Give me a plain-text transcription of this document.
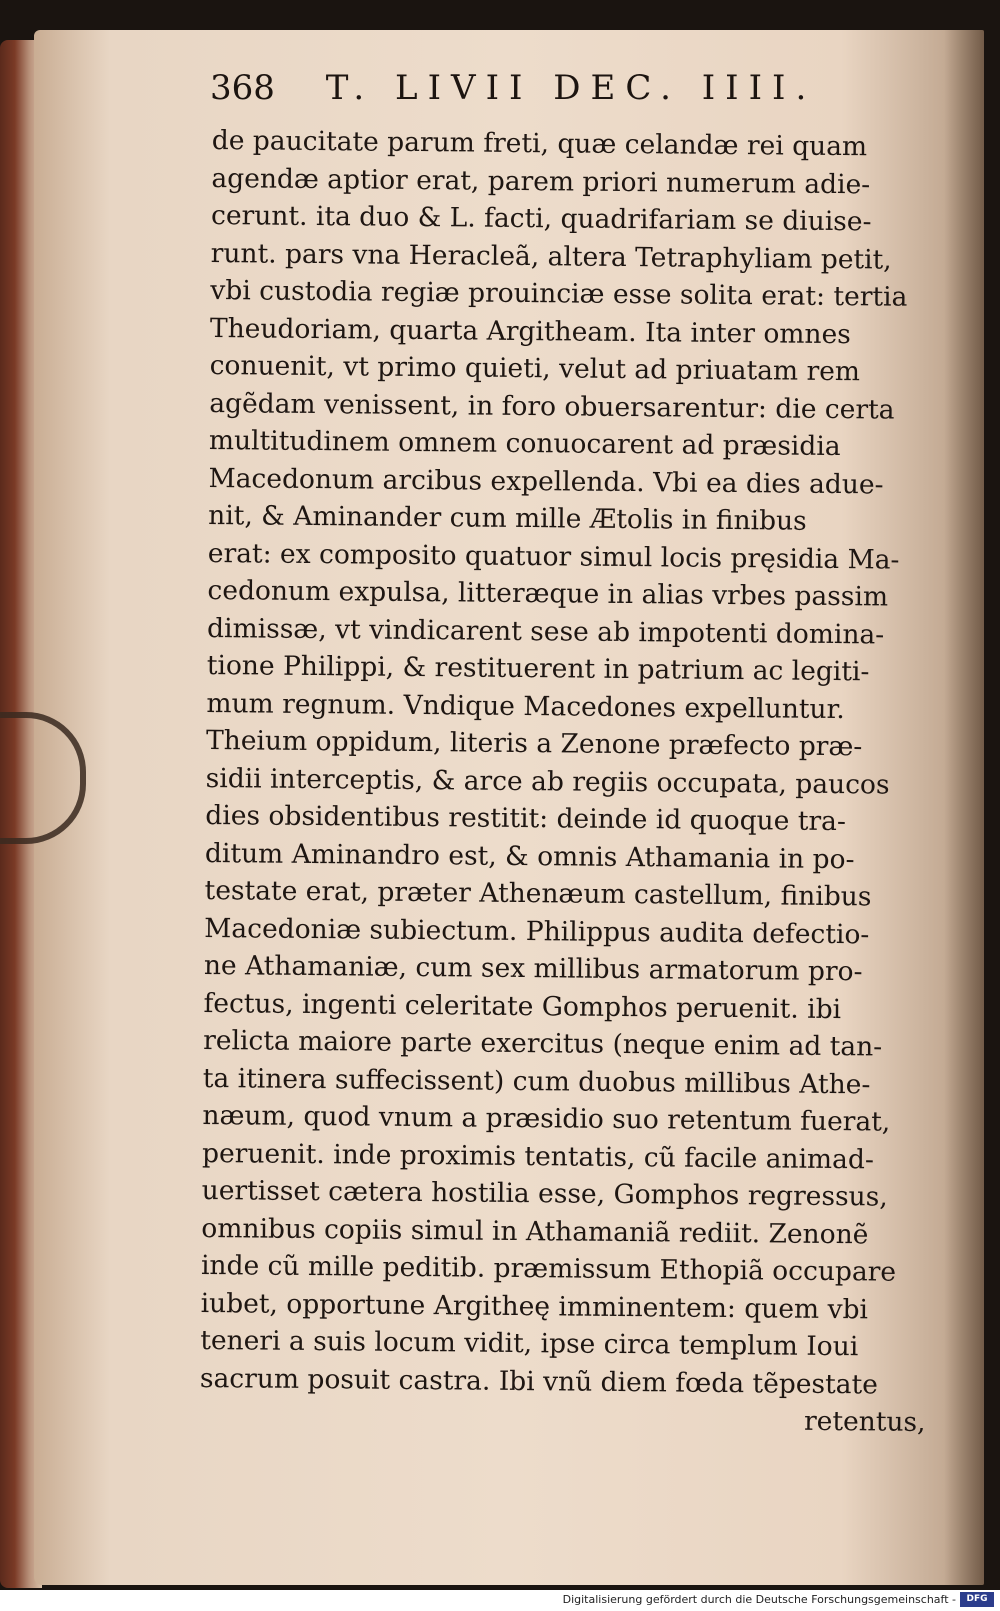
368 T. LIVII DEC. IIII.
de paucitate parum freti, quæ celandæ rei quam
agendæ aptior erat, parem priori numerum adie-
cerunt. ita duo & L. facti, quadrifariam se diuise-
runt. pars vna Heracleã, altera Tetraphyliam petit,
vbi custodia regiæ prouinciæ esse solita erat: tertia
Theudoriam, quarta Argitheam. Ita inter omnes
conuenit, vt primo quieti, velut ad priuatam rem
agẽdam venissent, in foro obuersarentur: die certa
multitudinem omnem conuocarent ad præsidia
Macedonum arcibus expellenda. Vbi ea dies adue-
nit, & Aminander cum mille Ætolis in finibus
erat: ex composito quatuor simul locis pręsidia Ma-
cedonum expulsa, litteræque in alias vrbes passim
dimissæ, vt vindicarent sese ab impotenti domina-
tione Philippi, & restituerent in patrium ac legiti-
mum regnum. Vndique Macedones expelluntur.
Theium oppidum, literis a Zenone præfecto præ-
sidii interceptis, & arce ab regiis occupata, paucos
dies obsidentibus restitit: deinde id quoque tra-
ditum Aminandro est, & omnis Athamania in po-
testate erat, præter Athenæum castellum, finibus
Macedoniæ subiectum. Philippus audita defectio-
ne Athamaniæ, cum sex millibus armatorum pro-
fectus, ingenti celeritate Gomphos peruenit. ibi
relicta maiore parte exercitus (neque enim ad tan-
ta itinera suffecissent) cum duobus millibus Athe-
næum, quod vnum a præsidio suo retentum fuerat,
peruenit. inde proximis tentatis, cũ facile animad-
uertisset cætera hostilia esse, Gomphos regressus,
omnibus copiis simul in Athamaniã rediit. Zenonẽ
inde cũ mille peditib. præmissum Ethopiã occupare
iubet, opportune Argitheę imminentem: quem vbi
teneri a suis locum vidit, ipse circa templum Ioui
sacrum posuit castra. Ibi vnũ diem fœda tẽpestate
retentus,
Digitalisierung gefördert durch die Deutsche Forschungsgemeinschaft -	DFG
